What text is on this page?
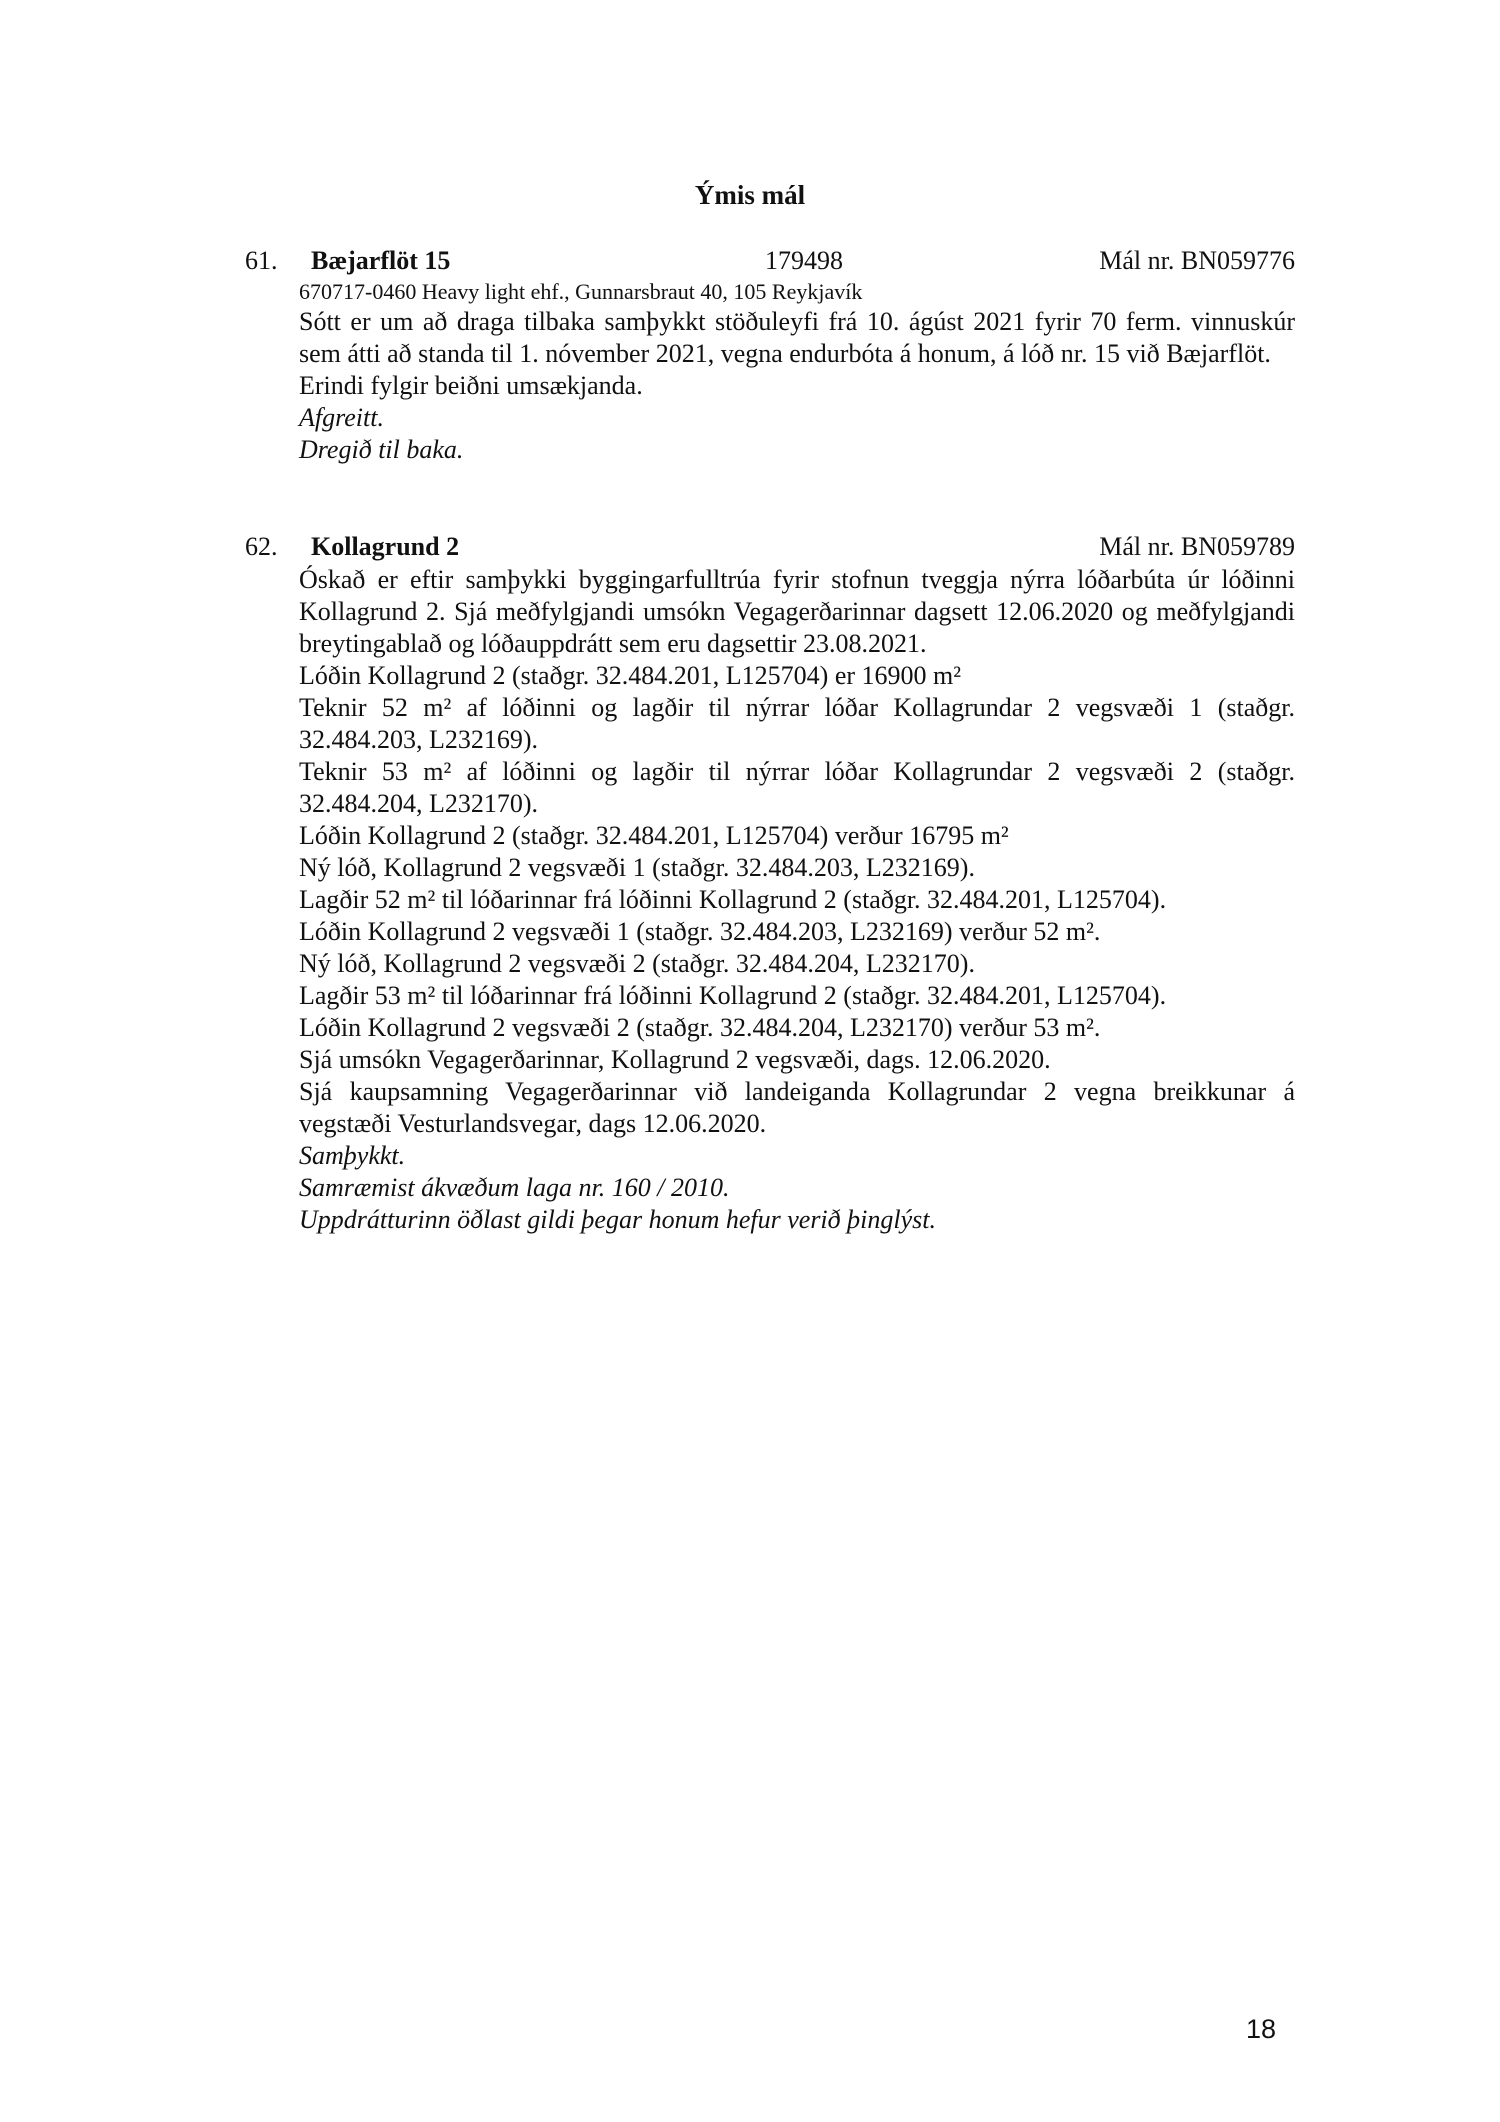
Ýmis mál
61. Bæjarflöt 15	179498	Mál nr. BN059776
670717-0460 Heavy light ehf., Gunnarsbraut 40, 105 Reykjavík
Sótt er um að draga tilbaka samþykkt stöðuleyfi frá 10. ágúst 2021 fyrir 70 ferm. vinnuskúr sem átti að standa til 1. nóvember 2021, vegna endurbóta á honum, á lóð nr. 15 við Bæjarflöt.
Erindi fylgir beiðni umsækjanda.
Afgreitt.
Dregið til baka.
62. Kollagrund 2	Mál nr. BN059789
Óskað er eftir samþykki byggingarfulltrúa fyrir stofnun tveggja nýrra lóðarbúta úr lóðinni Kollagrund 2. Sjá meðfylgjandi umsókn Vegagerðarinnar dagsett 12.06.2020 og meðfylgjandi breytingablað og lóðauppdrátt sem eru dagsettir 23.08.2021.
Lóðin Kollagrund 2 (staðgr. 32.484.201, L125704) er 16900 m²
Teknir 52 m² af lóðinni og lagðir til nýrrar lóðar Kollagrundar 2 vegsvæði 1 (staðgr. 32.484.203, L232169).
Teknir 53 m² af lóðinni og lagðir til nýrrar lóðar Kollagrundar 2 vegsvæði 2 (staðgr. 32.484.204, L232170).
Lóðin Kollagrund 2 (staðgr. 32.484.201, L125704) verður 16795 m²
Ný lóð, Kollagrund 2 vegsvæði 1 (staðgr. 32.484.203, L232169).
Lagðir 52 m² til lóðarinnar frá lóðinni Kollagrund 2 (staðgr. 32.484.201, L125704).
Lóðin Kollagrund 2 vegsvæði 1 (staðgr. 32.484.203, L232169) verður 52 m².
Ný lóð, Kollagrund 2 vegsvæði 2 (staðgr. 32.484.204, L232170).
Lagðir 53 m² til lóðarinnar frá lóðinni Kollagrund 2 (staðgr. 32.484.201, L125704).
Lóðin Kollagrund 2 vegsvæði 2 (staðgr. 32.484.204, L232170) verður 53 m².
Sjá umsókn Vegagerðarinnar, Kollagrund 2 vegsvæði, dags. 12.06.2020.
Sjá kaupsamning Vegagerðarinnar við landeiganda Kollagrundar 2 vegna breikkunar á vegstæði Vesturlandsvegar, dags 12.06.2020.
Samþykkt.
Samræmist ákvæðum laga nr. 160 / 2010.
Uppdrátturinn öðlast gildi þegar honum hefur verið þinglýst.
18
